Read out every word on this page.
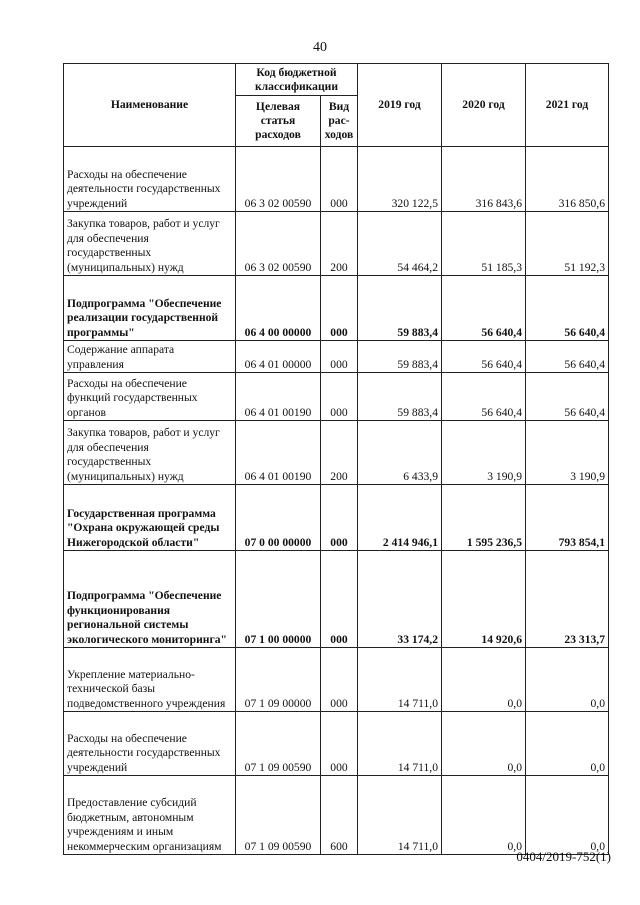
40
Наименование	Код бюджетной классификации		2019 год	2020 год	2021 год
	Целевая статья расходов	Вид рас-ходов			
Расходы на обеспечение деятельности государственных учреждений	06 3 02 00590	000	320 122,5	316 843,6	316 850,6
Закупка товаров, работ и услуг для обеспечения государственных (муниципальных) нужд	06 3 02 00590	200	54 464,2	51 185,3	51 192,3
Подпрограмма "Обеспечение реализации государственной программы"	06 4 00 00000	000	59 883,4	56 640,4	56 640,4
Содержание аппарата управления	06 4 01 00000	000	59 883,4	56 640,4	56 640,4
Расходы на обеспечение функций государственных органов	06 4 01 00190	000	59 883,4	56 640,4	56 640,4
Закупка товаров, работ и услуг для обеспечения государственных (муниципальных) нужд	06 4 01 00190	200	6 433,9	3 190,9	3 190,9
Государственная программа "Охрана окружающей среды Нижегородской области"	07 0 00 00000	000	2 414 946,1	1 595 236,5	793 854,1
Подпрограмма "Обеспечение функционирования региональной системы экологического мониторинга"	07 1 00 00000	000	33 174,2	14 920,6	23 313,7
Укрепление материально-технической базы подведомственного учреждения	07 1 09 00000	000	14 711,0	0,0	0,0
Расходы на обеспечение деятельности государственных учреждений	07 1 09 00590	000	14 711,0	0,0	0,0
Предоставление субсидий бюджетным, автономным учреждениям и иным некоммерческим организациям	07 1 09 00590	600	14 711,0	0,0	0,0
0404/2019-752(1)
